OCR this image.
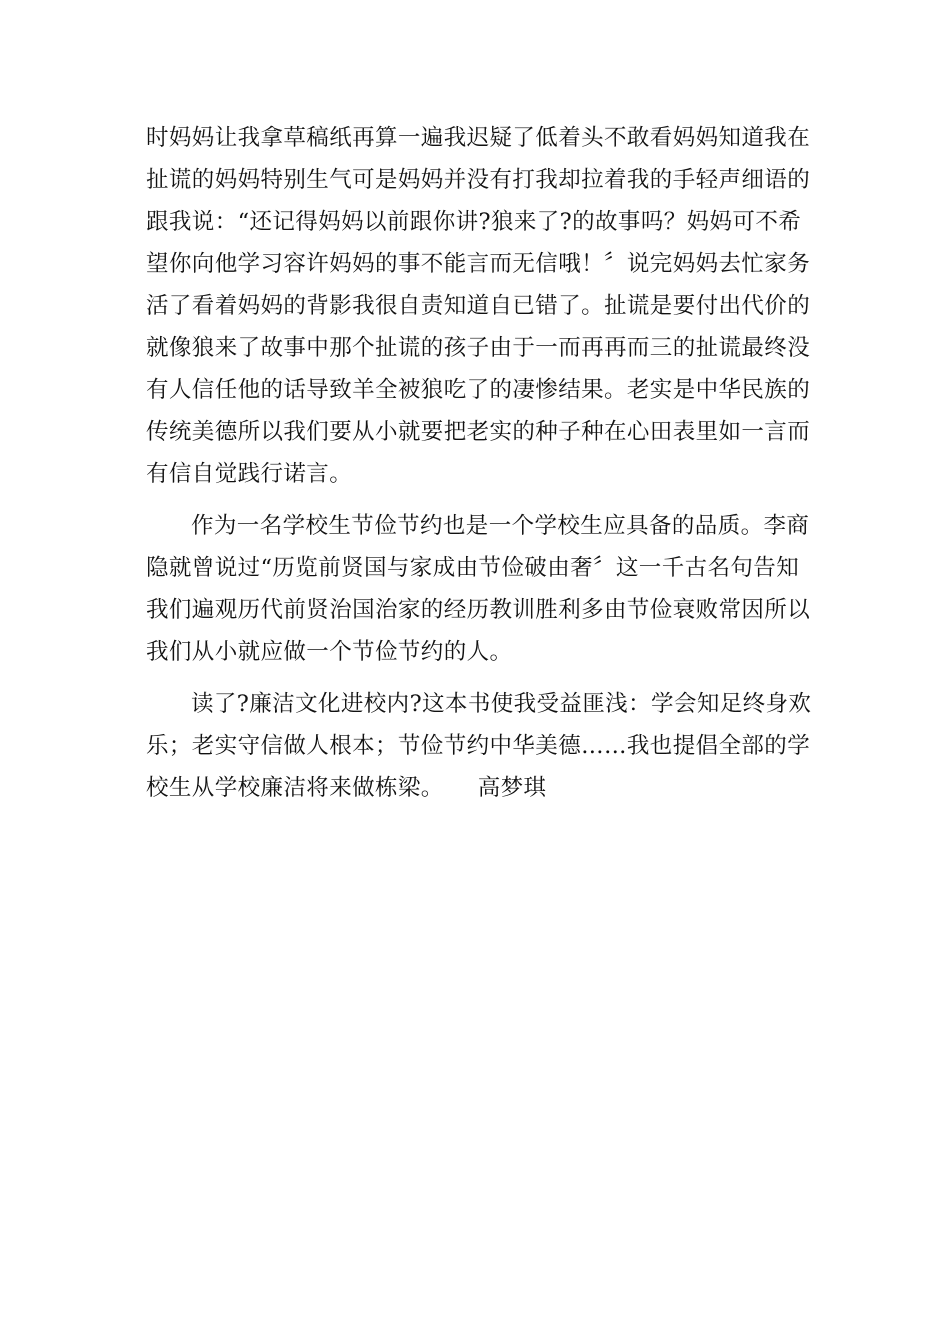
时妈妈让我拿草稿纸再算一遍我迟疑了低着头不敢看妈妈知道我在
扯谎的妈妈特别生气可是妈妈并没有打我却拉着我的手轻声细语的
跟我说：“还记得妈妈以前跟你讲?狼来了?的故事吗？妈妈可不希
望你向他学习容许妈妈的事不能言而无信哦！〞说完妈妈去忙家务
活了看着妈妈的背影我很自责知道自已错了。扯谎是要付出代价的
就像狼来了故事中那个扯谎的孩子由于一而再再而三的扯谎最终没
有人信任他的话导致羊全被狼吃了的凄惨结果。老实是中华民族的
传统美德所以我们要从小就要把老实的种子种在心田表里如一言而
有信自觉践行诺言。
作为一名学校生节俭节约也是一个学校生应具备的品质。李商
隐就曾说过“历览前贤国与家成由节俭破由奢〞这一千古名句告知
我们遍观历代前贤治国治家的经历教训胜利多由节俭衰败常因所以
我们从小就应做一个节俭节约的人。
读了?廉洁文化进校内?这本书使我受益匪浅：学会知足终身欢
乐；老实守信做人根本；节俭节约中华美德……我也提倡全部的学
校生从学校廉洁将来做栋梁。 高梦琪
